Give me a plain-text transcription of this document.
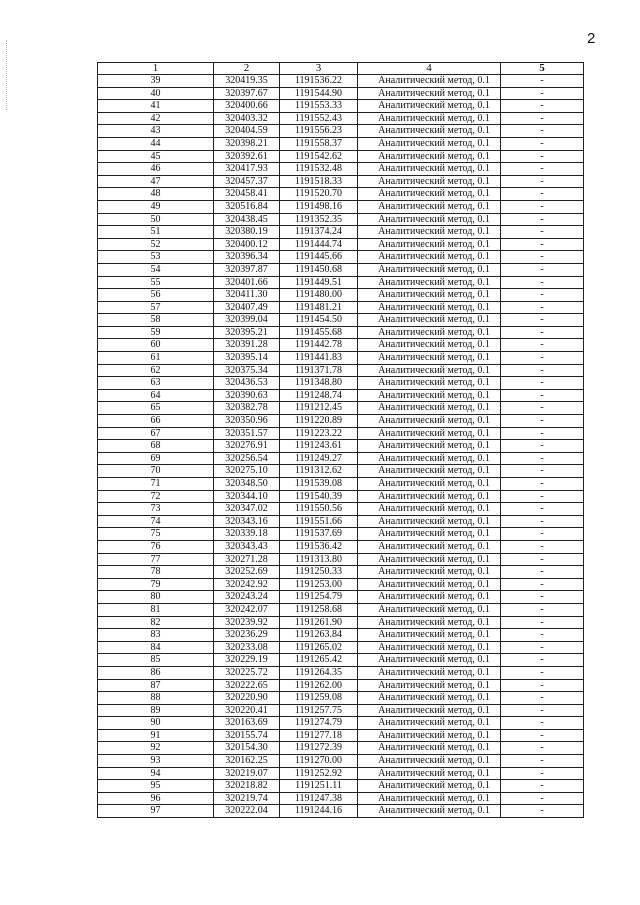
2
1	2	3	4	5
39	320419.35	1191536.22	Аналитический метод, 0.1	-
40	320397.67	1191544.90	Аналитический метод, 0.1	-
41	320400.66	1191553.33	Аналитический метод, 0.1	-
42	320403.32	1191552.43	Аналитический метод, 0.1	-
43	320404.59	1191556.23	Аналитический метод, 0.1	-
44	320398.21	1191558.37	Аналитический метод, 0.1	-
45	320392.61	1191542.62	Аналитический метод, 0.1	-
46	320417.93	1191532.48	Аналитический метод, 0.1	-
47	320457.37	1191518.33	Аналитический метод, 0.1	-
48	320458.41	1191520.70	Аналитический метод, 0.1	-
49	320516.84	1191498.16	Аналитический метод, 0.1	-
50	320438.45	1191352.35	Аналитический метод, 0.1	-
51	320380.19	1191374.24	Аналитический метод, 0.1	-
52	320400.12	1191444.74	Аналитический метод, 0.1	-
53	320396.34	1191445.66	Аналитический метод, 0.1	-
54	320397.87	1191450.68	Аналитический метод, 0.1	-
55	320401.66	1191449.51	Аналитический метод, 0.1	-
56	320411.30	1191480.00	Аналитический метод, 0.1	-
57	320407.49	1191481.21	Аналитический метод, 0.1	-
58	320399.04	1191454.50	Аналитический метод, 0.1	-
59	320395.21	1191455.68	Аналитический метод, 0.1	-
60	320391.28	1191442.78	Аналитический метод, 0.1	-
61	320395.14	1191441.83	Аналитический метод, 0.1	-
62	320375.34	1191371.78	Аналитический метод, 0.1	-
63	320436.53	1191348.80	Аналитический метод, 0.1	-
64	320390.63	1191248.74	Аналитический метод, 0.1	-
65	320382.78	1191212.45	Аналитический метод, 0.1	-
66	320350.96	1191220.89	Аналитический метод, 0.1	-
67	320351.57	1191223.22	Аналитический метод, 0.1	-
68	320276.91	1191243.61	Аналитический метод, 0.1	-
69	320256.54	1191249.27	Аналитический метод, 0.1	-
70	320275.10	1191312.62	Аналитический метод, 0.1	-
71	320348.50	1191539.08	Аналитический метод, 0.1	-
72	320344.10	1191540.39	Аналитический метод, 0.1	-
73	320347.02	1191550.56	Аналитический метод, 0.1	-
74	320343.16	1191551.66	Аналитический метод, 0.1	-
75	320339.18	1191537.69	Аналитический метод, 0.1	-
76	320343.43	1191536.42	Аналитический метод, 0.1	-
77	320271.28	1191313.80	Аналитический метод, 0.1	-
78	320252.69	1191250.33	Аналитический метод, 0.1	-
79	320242.92	1191253.00	Аналитический метод, 0.1	-
80	320243.24	1191254.79	Аналитический метод, 0.1	-
81	320242.07	1191258.68	Аналитический метод, 0.1	-
82	320239.92	1191261.90	Аналитический метод, 0.1	-
83	320236.29	1191263.84	Аналитический метод, 0.1	-
84	320233.08	1191265.02	Аналитический метод, 0.1	-
85	320229.19	1191265.42	Аналитический метод, 0.1	-
86	320225.72	1191264.35	Аналитический метод, 0.1	-
87	320222.65	1191262.00	Аналитический метод, 0.1	-
88	320220.90	1191259.08	Аналитический метод, 0.1	-
89	320220.41	1191257.75	Аналитический метод, 0.1	-
90	320163.69	1191274.79	Аналитический метод, 0.1	-
91	320155.74	1191277.18	Аналитический метод, 0.1	-
92	320154.30	1191272.39	Аналитический метод, 0.1	-
93	320162.25	1191270.00	Аналитический метод, 0.1	-
94	320219.07	1191252.92	Аналитический метод, 0.1	-
95	320218.82	1191251.11	Аналитический метод, 0.1	-
96	320219.74	1191247.38	Аналитический метод, 0.1	-
97	320222.04	1191244.16	Аналитический метод, 0.1	-
